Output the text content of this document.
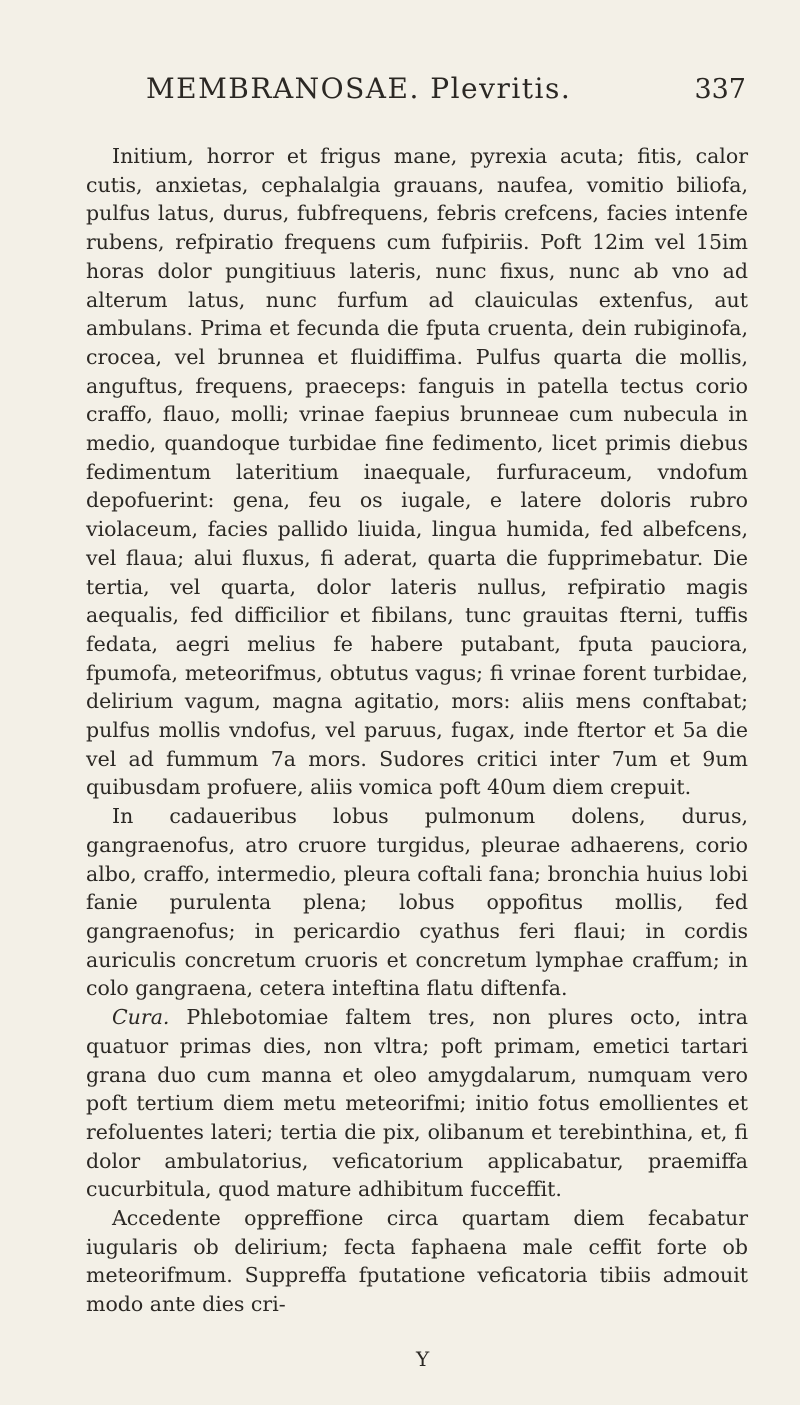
MEMBRANOSAE. Plevritis.	337

Initium, horror et frigus mane, pyrexia acuta; fitis, calor cutis, anxietas, cephalalgia grauans, naufea, vomitio biliofa, pulfus latus, durus, fubfrequens, febris crefcens, facies intenfe rubens, refpiratio frequens cum fufpiriis. Poft 12im vel 15im horas dolor pungitiuus lateris, nunc fixus, nunc ab vno ad alterum latus, nunc furfum ad clauiculas extenfus, aut ambulans. Prima et fecunda die fputa cruenta, dein rubiginofa, crocea, vel brunnea et fluidiffima. Pulfus quarta die mollis, anguftus, frequens, praeceps: fanguis in patella tectus corio craffo, flauo, molli; vrinae faepius brunneae cum nubecula in medio, quandoque turbidae fine fedimento, licet primis diebus fedimentum lateritium inaequale, furfuraceum, vndofum depofuerint: gena, feu os iugale, e latere doloris rubro violaceum, facies pallido liuida, lingua humida, fed albefcens, vel flaua; alui fluxus, fi aderat, quarta die fupprimebatur. Die tertia, vel quarta, dolor lateris nullus, refpiratio magis aequalis, fed difficilior et fibilans, tunc grauitas fterni, tuffis fedata, aegri melius fe habere putabant, fputa pauciora, fpumofa, meteorifmus, obtutus vagus; fi vrinae forent turbidae, delirium vagum, magna agitatio, mors: aliis mens conftabat; pulfus mollis vndofus, vel paruus, fugax, inde ftertor et 5a die vel ad fummum 7a mors. Sudores critici inter 7um et 9um quibusdam profuere, aliis vomica poft 40um diem crepuit.

In cadaueribus lobus pulmonum dolens, durus, gangraenofus, atro cruore turgidus, pleurae adhaerens, corio albo, craffo, intermedio, pleura coftali fana; bronchia huius lobi fanie purulenta plena; lobus oppofitus mollis, fed gangraenofus; in pericardio cyathus feri flaui; in cordis auriculis concretum cruoris et concretum lymphae craffum; in colo gangraena, cetera inteftina flatu diftenfa.

Cura. Phlebotomiae faltem tres, non plures octo, intra quatuor primas dies, non vltra; poft primam, emetici tartari grana duo cum manna et oleo amygdalarum, numquam vero poft tertium diem metu meteorifmi; initio fotus emollientes et refoluentes lateri; tertia die pix, olibanum et terebinthina, et, fi dolor ambulatorius, veficatorium applicabatur, praemiffa cucurbitula, quod mature adhibitum fucceffit.

Accedente oppreffione circa quartam diem fecabatur iugularis ob delirium; fecta faphaena male ceffit forte ob meteorifmum. Suppreffa fputatione veficatoria tibiis admouit modo ante dies cri-

Y
